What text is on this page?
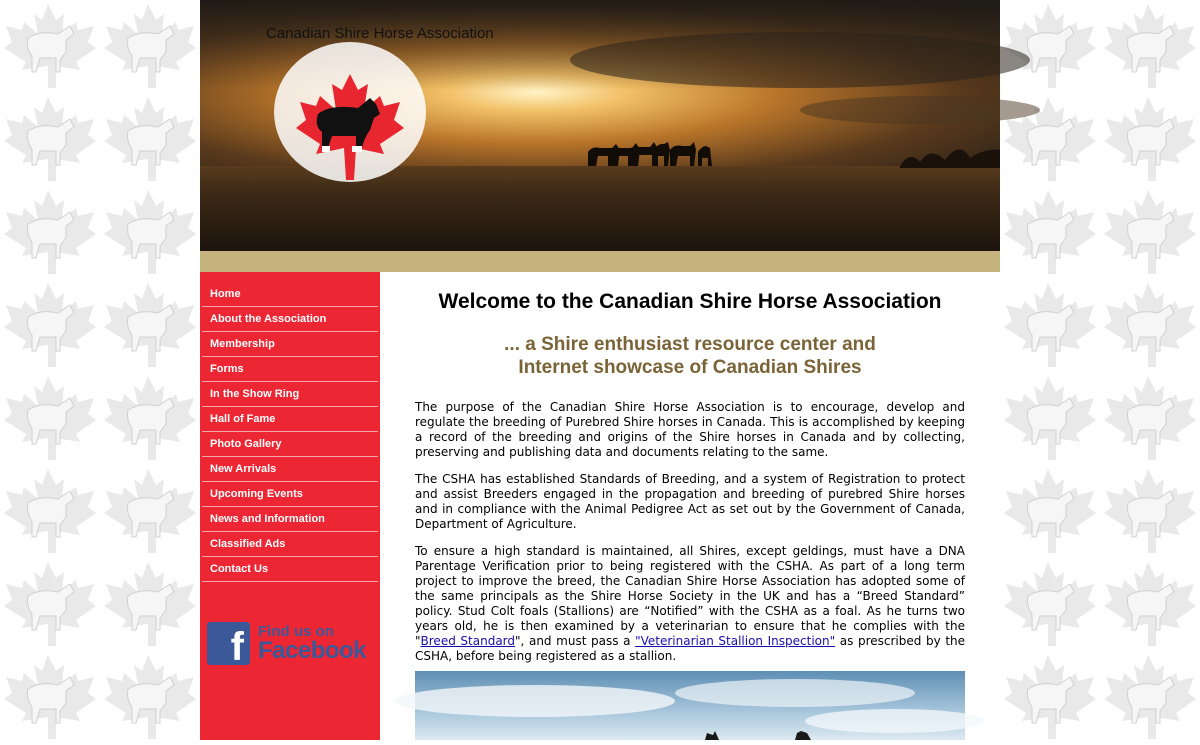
Canadian Shire Horse Association
Home
About the Association
Membership
Forms
In the Show Ring
Hall of Fame
Photo Gallery
New Arrivals
Upcoming Events
News and Information
Classified Ads
Contact Us
f Find us on
Facebook
Welcome to the Canadian Shire Horse Association
... a Shire enthusiast resource center and
Internet showcase of Canadian Shires

The purpose of the Canadian Shire Horse Association is to encourage, develop and regulate the breeding of Purebred Shire horses in Canada. This is accomplished by keeping a record of the breeding and origins of the Shire horses in Canada and by collecting, preserving and publishing data and documents relating to the same.

The CSHA has established Standards of Breeding, and a system of Registration to protect and assist Breeders engaged in the propagation and breeding of purebred Shire horses and in compliance with the Animal Pedigree Act as set out by the Government of Canada, Department of Agriculture.

To ensure a high standard is maintained, all Shires, except geldings, must have a DNA Parentage Verification prior to being registered with the CSHA. As part of a long term project to improve the breed, the Canadian Shire Horse Association has adopted some of the same principals as the Shire Horse Society in the UK and has a “Breed Standard” policy. Stud Colt foals (Stallions) are “Notified” with the CSHA as a foal. As he turns two years old, he is then examined by a veterinarian to ensure that he complies with the "Breed Standard", and must pass a "Veterinarian Stallion Inspection" as prescribed by the CSHA, before being registered as a stallion.
